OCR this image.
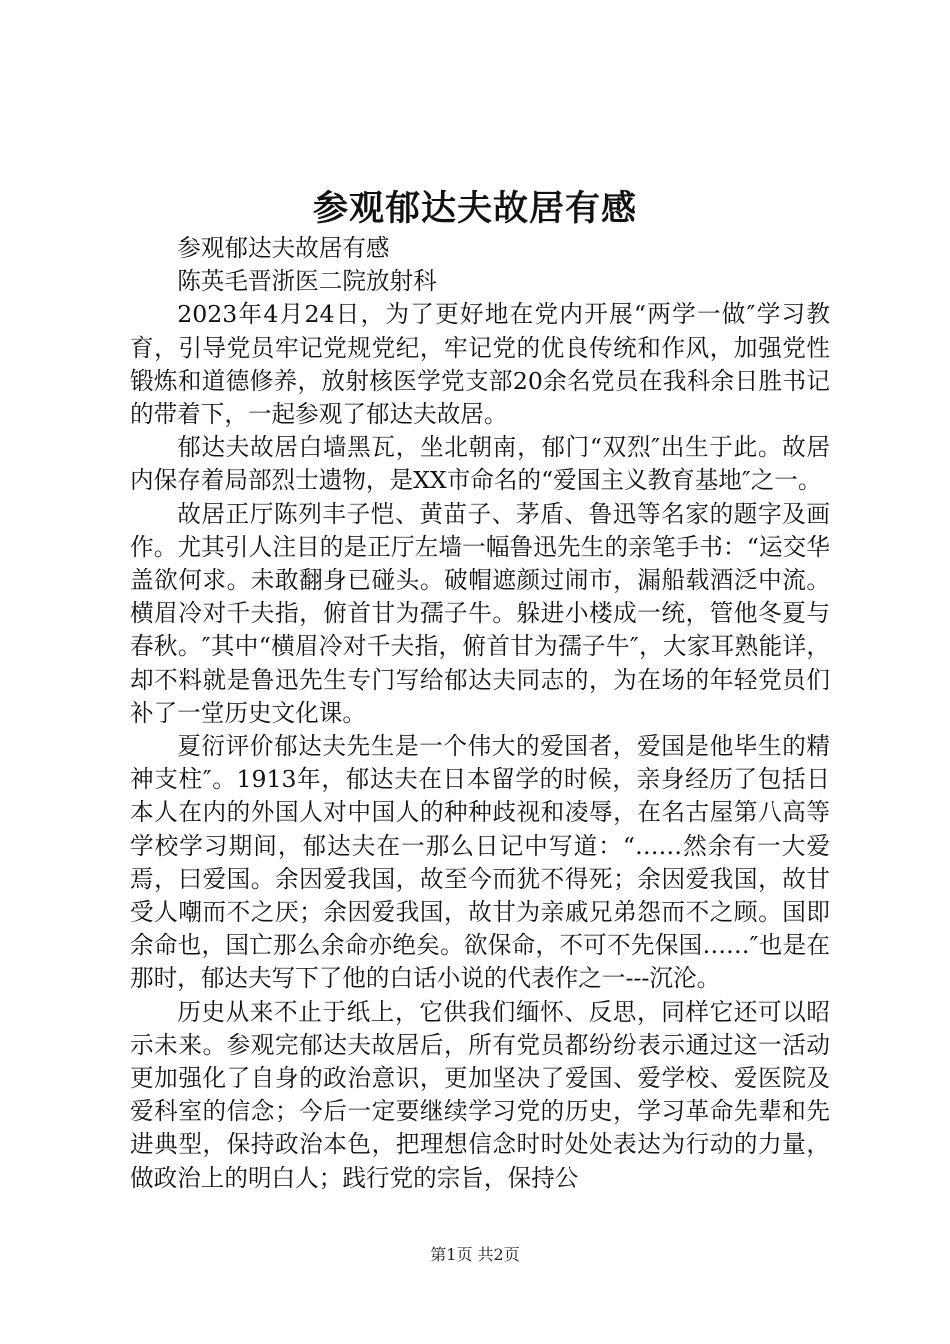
参观郁达夫故居有感

参观郁达夫故居有感

陈英毛晋浙医二院放射科

2023年4月24日，为了更好地在党内开展“两学一做″学习教育，引导党员牢记党规党纪，牢记党的优良传统和作风，加强党性锻炼和道德修养，放射核医学党支部20余名党员在我科余日胜书记的带着下，一起参观了郁达夫故居。

郁达夫故居白墙黑瓦，坐北朝南，郁门“双烈″出生于此。故居内保存着局部烈士遗物，是XX市命名的“爱国主义教育基地″之一。

故居正厅陈列丰子恺、黄苗子、茅盾、鲁迅等名家的题字及画作。尤其引人注目的是正厅左墙一幅鲁迅先生的亲笔手书：“运交华盖欲何求。未敢翻身已碰头。破帽遮颜过闹市，漏船载酒泛中流。横眉冷对千夫指，俯首甘为孺子牛。躲进小楼成一统，管他冬夏与春秋。″其中“横眉冷对千夫指，俯首甘为孺子牛″，大家耳熟能详，却不料就是鲁迅先生专门写给郁达夫同志的，为在场的年轻党员们补了一堂历史文化课。

夏衍评价郁达夫先生是一个伟大的爱国者，爱国是他毕生的精神支柱″。1913年，郁达夫在日本留学的时候，亲身经历了包括日本人在内的外国人对中国人的种种歧视和凌辱，在名古屋第八高等学校学习期间，郁达夫在一那么日记中写道：“……然余有一大爱焉，曰爱国。余因爱我国，故至今而犹不得死；余因爱我国，故甘受人嘲而不之厌；余因爱我国，故甘为亲戚兄弟怨而不之顾。国即余命也，国亡那么余命亦绝矣。欲保命，不可不先保国……″也是在那时，郁达夫写下了他的白话小说的代表作之一---沉沦。

历史从来不止于纸上，它供我们缅怀、反思，同样它还可以昭示未来。参观完郁达夫故居后，所有党员都纷纷表示通过这一活动更加强化了自身的政治意识，更加坚决了爱国、爱学校、爱医院及爱科室的信念；今后一定要继续学习党的历史，学习革命先辈和先进典型，保持政治本色，把理想信念时时处处表达为行动的力量，做政治上的明白人；践行党的宗旨，保持公

第1页 共2页
